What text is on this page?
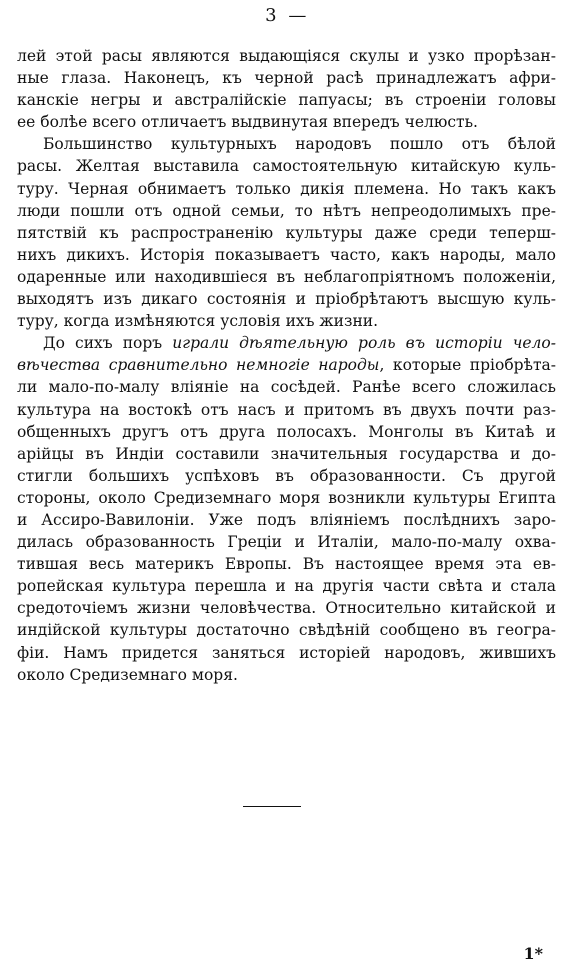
3 —
лей этой расы являются выдающіяся скулы и узко прорѣзан-
ные глаза. Наконецъ, къ черной расѣ принадлежатъ афри-
канскіе негры и австралійскіе папуасы; въ строеніи головы
ее болѣе всего отличаетъ выдвинутая впередъ челюсть.
Большинство культурныхъ народовъ пошло отъ бѣлой
расы. Желтая выставила самостоятельную китайскую куль-
туру. Черная обнимаетъ только дикія племена. Но такъ какъ
люди пошли отъ одной семьи, то нѣтъ непреодолимыхъ пре-
пятствій къ распространенію культуры даже среди теперш-
нихъ дикихъ. Исторія показываетъ часто, какъ народы, мало
одаренные или находившіеся въ неблагопріятномъ положеніи,
выходятъ изъ дикаго состоянія и пріобрѣтаютъ высшую куль-
туру, когда измѣняются условія ихъ жизни.
До сихъ поръ играли дѣятельную роль въ исторіи чело-
вѣчества сравнительно немногіе народы, которые пріобрѣта-
ли мало-по-малу вліяніе на сосѣдей. Ранѣе всего сложилась
культура на востокѣ отъ насъ и притомъ въ двухъ почти раз-
общенныхъ другъ отъ друга полосахъ. Монголы въ Китаѣ и
арійцы въ Индіи составили значительныя государства и до-
стигли большихъ успѣховъ въ образованности. Съ другой
стороны, около Средиземнаго моря возникли культуры Египта
и Ассиро-Вавилоніи. Уже подъ вліяніемъ послѣднихъ заро-
дилась образованность Греціи и Италіи, мало-по-малу охва-
тившая весь материкъ Европы. Въ настоящее время эта ев-
ропейская культура перешла и на другія части свѣта и стала
средоточіемъ жизни человѣчества. Относительно китайской и
индійской культуры достаточно свѣдѣній сообщено въ геогра-
фіи. Намъ придется заняться исторіей народовъ, жившихъ
около Средиземнаго моря.
1*
